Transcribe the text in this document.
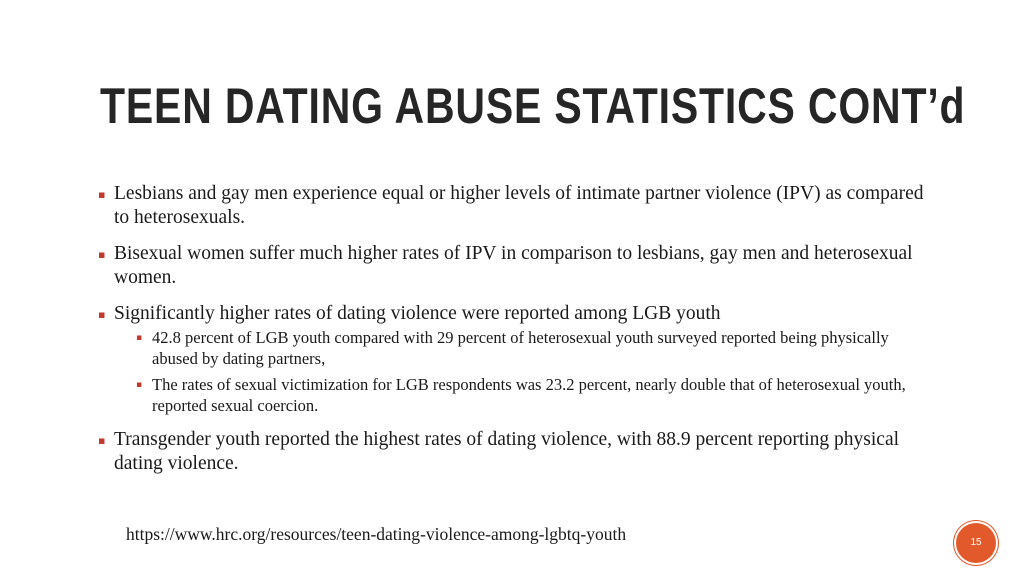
TEEN DATING ABUSE STATISTICS CONT’d
▪ Lesbians and gay men experience equal or higher levels of intimate partner violence (IPV) as compared to heterosexuals.
▪ Bisexual women suffer much higher rates of IPV in comparison to lesbians, gay men and heterosexual women.
▪ Significantly higher rates of dating violence were reported among LGB youth
▪ 42.8 percent of LGB youth compared with 29 percent of heterosexual youth surveyed reported being physically abused by dating partners,
▪ The rates of sexual victimization for LGB respondents was 23.2 percent, nearly double that of heterosexual youth, reported sexual coercion.
▪ Transgender youth reported the highest rates of dating violence, with 88.9 percent reporting physical dating violence.
https://www.hrc.org/resources/teen-dating-violence-among-lgbtq-youth	15
